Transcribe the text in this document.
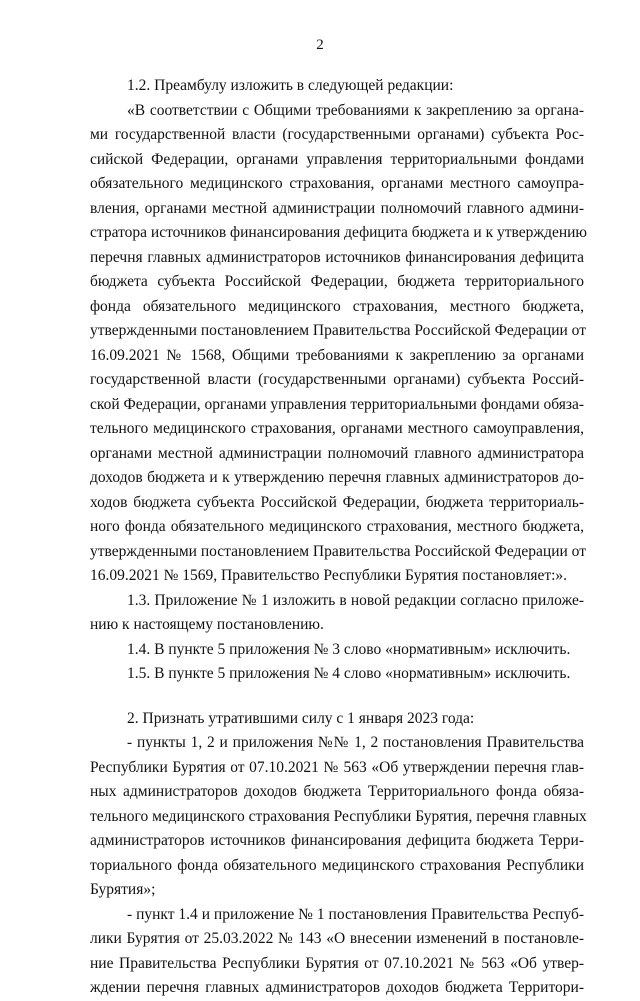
2
1.2. Преамбулу изложить в следующей редакции:
«В соответствии с Общими требованиями к закреплению за органа-
ми государственной власти (государственными органами) субъекта Рос-
сийской Федерации, органами управления территориальными фондами
обязательного медицинского страхования, органами местного самоупра-
вления, органами местной администрации полномочий главного админи-
стратора источников финансирования дефицита бюджета и к утверждению
перечня главных администраторов источников финансирования дефицита
бюджета субъекта Российской Федерации, бюджета территориального
фонда обязательного медицинского страхования, местного бюджета,
утвержденными постановлением Правительства Российской Федерации от
16.09.2021 № 1568, Общими требованиями к закреплению за органами
государственной власти (государственными органами) субъекта Россий-
ской Федерации, органами управления территориальными фондами обяза-
тельного медицинского страхования, органами местного самоуправления,
органами местной администрации полномочий главного администратора
доходов бюджета и к утверждению перечня главных администраторов до-
ходов бюджета субъекта Российской Федерации, бюджета территориаль-
ного фонда обязательного медицинского страхования, местного бюджета,
утвержденными постановлением Правительства Российской Федерации от
16.09.2021 № 1569, Правительство Республики Бурятия постановляет:».
1.3. Приложение № 1 изложить в новой редакции согласно приложе-
нию к настоящему постановлению.
1.4. В пункте 5 приложения № 3 слово «нормативным» исключить.
1.5. В пункте 5 приложения № 4 слово «нормативным» исключить.
2. Признать утратившими силу с 1 января 2023 года:
- пункты 1, 2 и приложения №№ 1, 2 постановления Правительства
Республики Бурятия от 07.10.2021 № 563 «Об утверждении перечня глав-
ных администраторов доходов бюджета Территориального фонда обяза-
тельного медицинского страхования Республики Бурятия, перечня главных
администраторов источников финансирования дефицита бюджета Терри-
ториального фонда обязательного медицинского страхования Республики
Бурятия»;
- пункт 1.4 и приложение № 1 постановления Правительства Респуб-
лики Бурятия от 25.03.2022 № 143 «О внесении изменений в постановле-
ние Правительства Республики Бурятия от 07.10.2021 № 563 «Об утвер-
ждении перечня главных администраторов доходов бюджета Территори-
